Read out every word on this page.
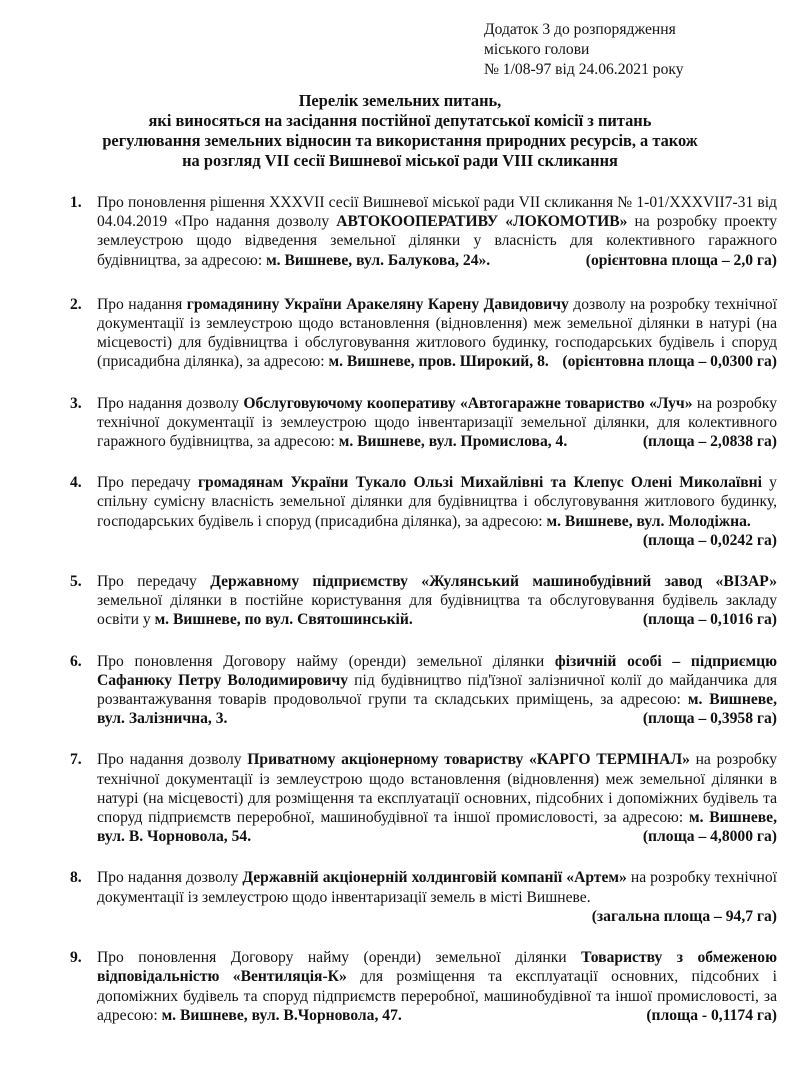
Додаток 3 до розпорядження
міського голови
№ 1/08-97 від 24.06.2021 року
Перелік земельних питань,
які виносяться на засідання постійної депутатської комісії з питань
регулювання земельних відносин та використання природних ресурсів, а також
на розгляд VII сесії Вишневої міської ради VIII скликання
1. Про поновлення рішення XXXVII сесії Вишневої міської ради VII скликання № 1-01/XXXVII7-31 від 04.04.2019 «Про надання дозволу АВТОКООПЕРАТИВУ «ЛОКОМОТИВ» на розробку проекту землеустрою щодо відведення земельної ділянки у власність для колективного гаражного будівництва, за адресою: м. Вишневе, вул. Балукова, 24».	(орієнтовна площа – 2,0 га)
2. Про надання громадянину України Аракеляну Карену Давидовичу дозволу на розробку технічної документації із землеустрою щодо встановлення (відновлення) меж земельної ділянки в натурі (на місцевості) для будівництва і обслуговування житлового будинку, господарських будівель і споруд (присадибна ділянка), за адресою: м. Вишневе, пров. Широкий, 8. (орієнтовна площа – 0,0300 га)
3. Про надання дозволу Обслуговуючому кооперативу «Автогаражне товариство «Луч» на розробку технічної документації із землеустрою щодо інвентаризації земельної ділянки, для колективного гаражного будівництва, за адресою: м. Вишневе, вул. Промислова, 4.	(площа – 2,0838 га)
4. Про передачу громадянам України Тукало Ользі Михайлівні та Клепус Олені Миколаївні у спільну сумісну власність земельної ділянки для будівництва і обслуговування житлового будинку, господарських будівель і споруд (присадибна ділянка), за адресою: м. Вишневе, вул. Молодіжна.
(площа – 0,0242 га)
5. Про передачу Державному підприємству «Жулянський машинобудівний завод «ВІЗАР» земельної ділянки в постійне користування для будівництва та обслуговування будівель закладу освіти у м. Вишневе, по вул. Святошинській.	(площа – 0,1016 га)
6. Про поновлення Договору найму (оренди) земельної ділянки фізичній особі – підприємцю Сафанюку Петру Володимировичу під будівництво під'їзної залізничної колії до майданчика для розвантажування товарів продовольчої групи та складських приміщень, за адресою: м. Вишневе, вул. Залізнична, 3.	(площа – 0,3958 га)
7. Про надання дозволу Приватному акціонерному товариству «КАРГО ТЕРМІНАЛ» на розробку технічної документації із землеустрою щодо встановлення (відновлення) меж земельної ділянки в натурі (на місцевості) для розміщення та експлуатації основних, підсобних і допоміжних будівель та споруд підприємств переробної, машинобудівної та іншої промисловості, за адресою: м. Вишневе, вул. В. Чорновола, 54.	(площа – 4,8000 га)
8. Про надання дозволу Державній акціонерній холдинговій компанії «Артем» на розробку технічної документації із землеустрою щодо інвентаризації земель в місті Вишневе.
(загальна площа – 94,7 га)
9. Про поновлення Договору найму (оренди) земельної ділянки Товариству з обмеженою відповідальністю «Вентиляція-К» для розміщення та експлуатації основних, підсобних і допоміжних будівель та споруд підприємств переробної, машинобудівної та іншої промисловості, за адресою: м. Вишневе, вул. В.Чорновола, 47.	(площа - 0,1174 га)
